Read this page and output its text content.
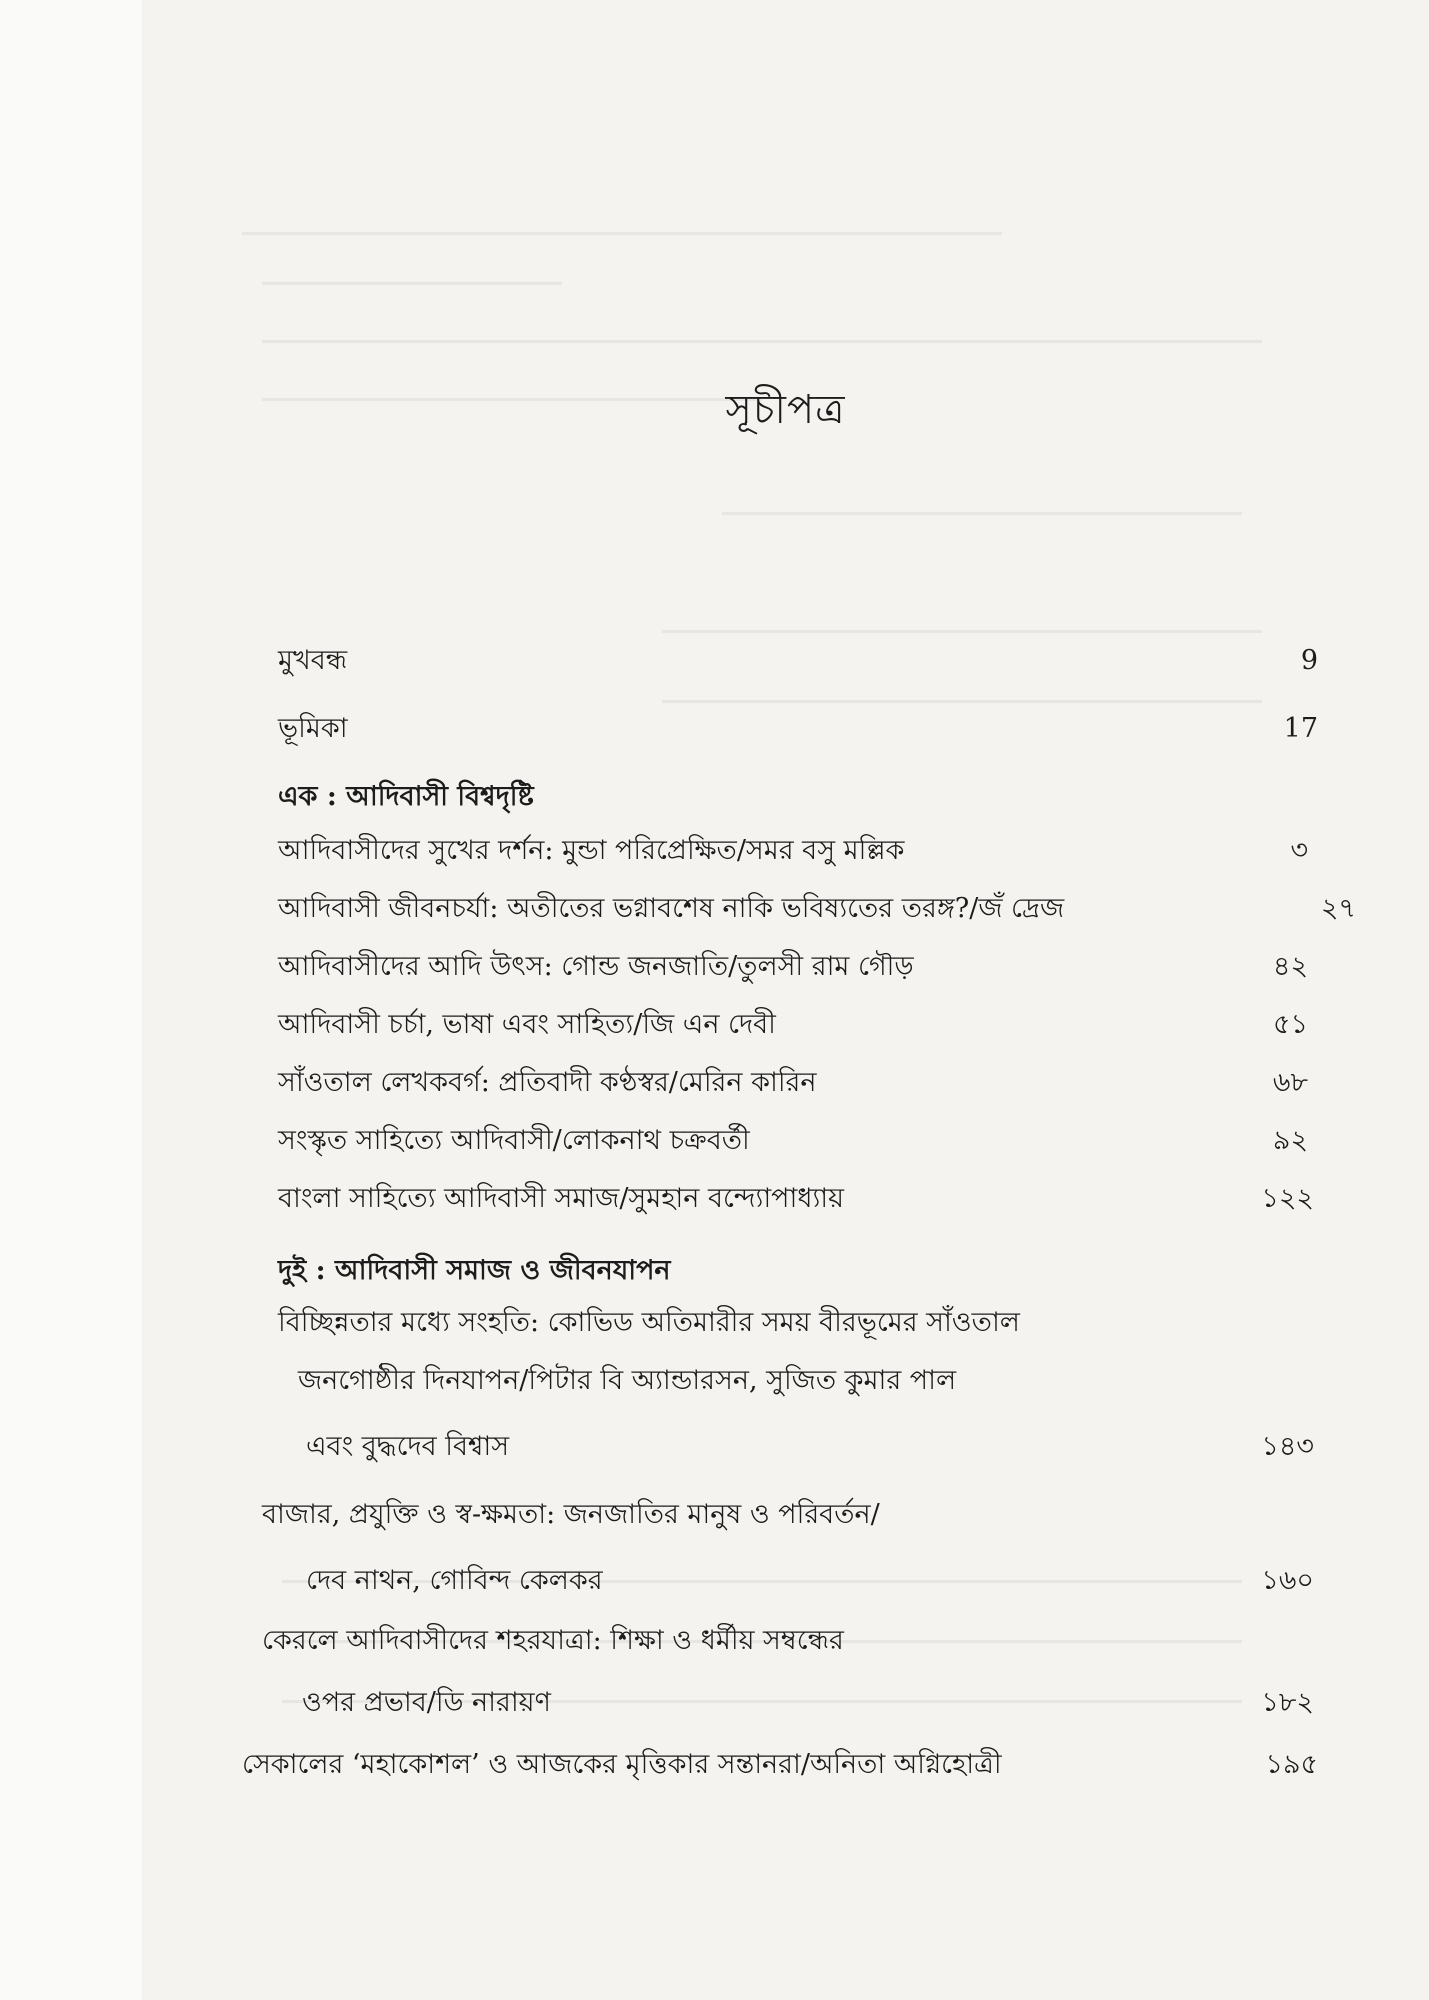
সূচীপত্র
মুখবন্ধ	9
ভূমিকা	17
এক : আদিবাসী বিশ্বদৃষ্টি
আদিবাসীদের সুখের দর্শন: মুন্ডা পরিপ্রেক্ষিত/সমর বসু মল্লিক	৩
আদিবাসী জীবনচর্যা: অতীতের ভগ্নাবশেষ নাকি ভবিষ্যতের তরঙ্গ?/জঁ দ্রেজ	২৭
আদিবাসীদের আদি উৎস: গোন্ড জনজাতি/তুলসী রাম গৌড়	৪২
আদিবাসী চর্চা, ভাষা এবং সাহিত্য/জি এন দেবী	৫১
সাঁওতাল লেখকবর্গ: প্রতিবাদী কণ্ঠস্বর/মেরিন কারিন	৬৮
সংস্কৃত সাহিত্যে আদিবাসী/লোকনাথ চক্রবর্তী	৯২
বাংলা সাহিত্যে আদিবাসী সমাজ/সুমহান বন্দ্যোপাধ্যায়	১২২
দুই : আদিবাসী সমাজ ও জীবনযাপন
বিচ্ছিন্নতার মধ্যে সংহতি: কোভিড অতিমারীর সময় বীরভূমের সাঁওতাল
জনগোষ্ঠীর দিনযাপন/পিটার বি অ্যান্ডারসন, সুজিত কুমার পাল
এবং বুদ্ধদেব বিশ্বাস	১৪৩
বাজার, প্রযুক্তি ও স্ব-ক্ষমতা: জনজাতির মানুষ ও পরিবর্তন/
দেব নাথন, গোবিন্দ কেলকর	১৬০
কেরলে আদিবাসীদের শহরযাত্রা: শিক্ষা ও ধর্মীয় সম্বন্ধের
ওপর প্রভাব/ডি নারায়ণ	১৮২
সেকালের ‘মহাকোশল’ ও আজকের মৃত্তিকার সন্তানরা/অনিতা অগ্নিহোত্রী	১৯৫
